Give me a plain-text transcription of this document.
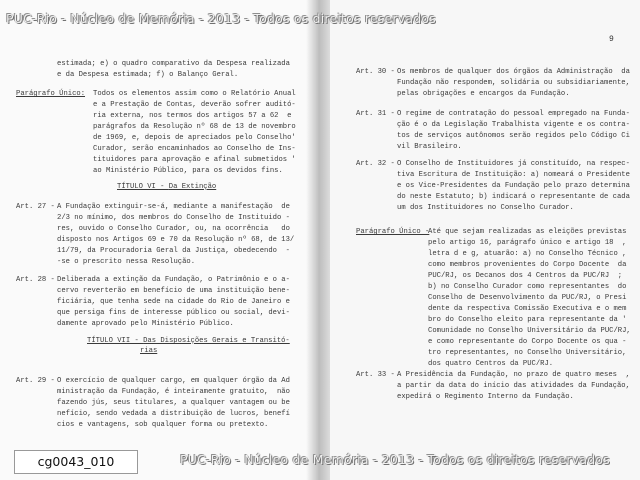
estimada; e) o quadro comparativo da Despesa realizada
e da Despesa estimada; f) o Balanço Geral.
Parágrafo Único: Todos os elementos assim como o Relatório Anual
e a Prestação de Contas, deverão sofrer auditó-
ria externa, nos termos dos artigos 57 a 62  e
parágrafos da Resolução nº 68 de 13 de novembro
de 1969, e, depois de apreciados pelo Conselho'
Curador, serão encaminhados ao Conselho de Ins-
tituidores para aprovação e afinal submetidos '
ao Ministério Público, para os devidos fins.
TÍTULO VI - Da Extinção
Art. 27 - A Fundação extinguir-se-á, mediante a manifestação  de
2/3 no mínimo, dos membros do Conselho de Instituido -
res, ouvido o Conselho Curador, ou, na ocorrência   do
disposto nos Artigos 69 e 70 da Resolução nº 68, de 13/
11/79, da Procuradoria Geral da Justiça, obedecendo  -
-se o prescrito nessa Resolução.
Art. 28 - Deliberada a extinção da Fundação, o Patrimônio e o a-
cervo reverterão em benefício de uma instituição bene-
ficiária, que tenha sede na cidade do Rio de Janeiro e
que persiga fins de interesse público ou social, devi-
damente aprovado pelo Ministério Público.
TÍTULO VII - Das Disposições Gerais e Transitó-
rias
Art. 29 - O exercício de qualquer cargo, em qualquer órgão da Ad
ministração da Fundação, é inteiramente gratuito,  não
fazendo jús, seus titulares, a qualquer vantagem ou be
nefício, sendo vedada a distribuição de lucros, benefí
cios e vantagens, sob qualquer forma ou pretexto.
9
Art. 30 - Os membros de qualquer dos órgãos da Administração  da
Fundação não respondem, solidária ou subsidiariamente,
pelas obrigações e encargos da Fundação.
Art. 31 - O regime de contratação do pessoal empregado na Funda-
ção é o da Legislação Trabalhista vigente e os contra-
tos de serviços autônomos serão regidos pelo Código Ci
vil Brasileiro.
Art. 32 - O Conselho de Instituidores já constituído, na respec-
tiva Escritura de Instituição: a) nomeará o Presidente
e os Vice-Presidentes da Fundação pelo prazo determina
do neste Estatuto; b) indicará o representante de cada
um dos Instituidores no Conselho Curador.
Parágrafo Único -
Até que sejam realizadas as eleições previstas
pelo artigo 16, parágrafo único e artigo 18  ,
letra d e g, atuarão: a) no Conselho Técnico ,
como membros provenientes do Corpo Docente  da
PUC/RJ, os Decanos dos 4 Centros da PUC/RJ  ;
b) no Conselho Curador como representantes  do
Conselho de Desenvolvimento da PUC/RJ, o Presi
dente da respectiva Comissão Executiva e o mem
bro do Conselho eleito para representante da '
Comunidade no Conselho Universitário da PUC/RJ,
e como representante do Corpo Docente os qua -
tro representantes, no Conselho Universitário,
dos quatro Centros da PUC/RJ.
Art. 33 - A Presidência da Fundação, no prazo de quatro meses  ,
a partir da data do início das atividades da Fundação,
expedirá o Regimento Interno da Fundação.
PUC-Rio - Núcleo de Memória - 2013 - Todos os direitos reservados
PUC-Rio - Núcleo de Memória - 2013 - Todos os direitos reservados
cg0043_010
